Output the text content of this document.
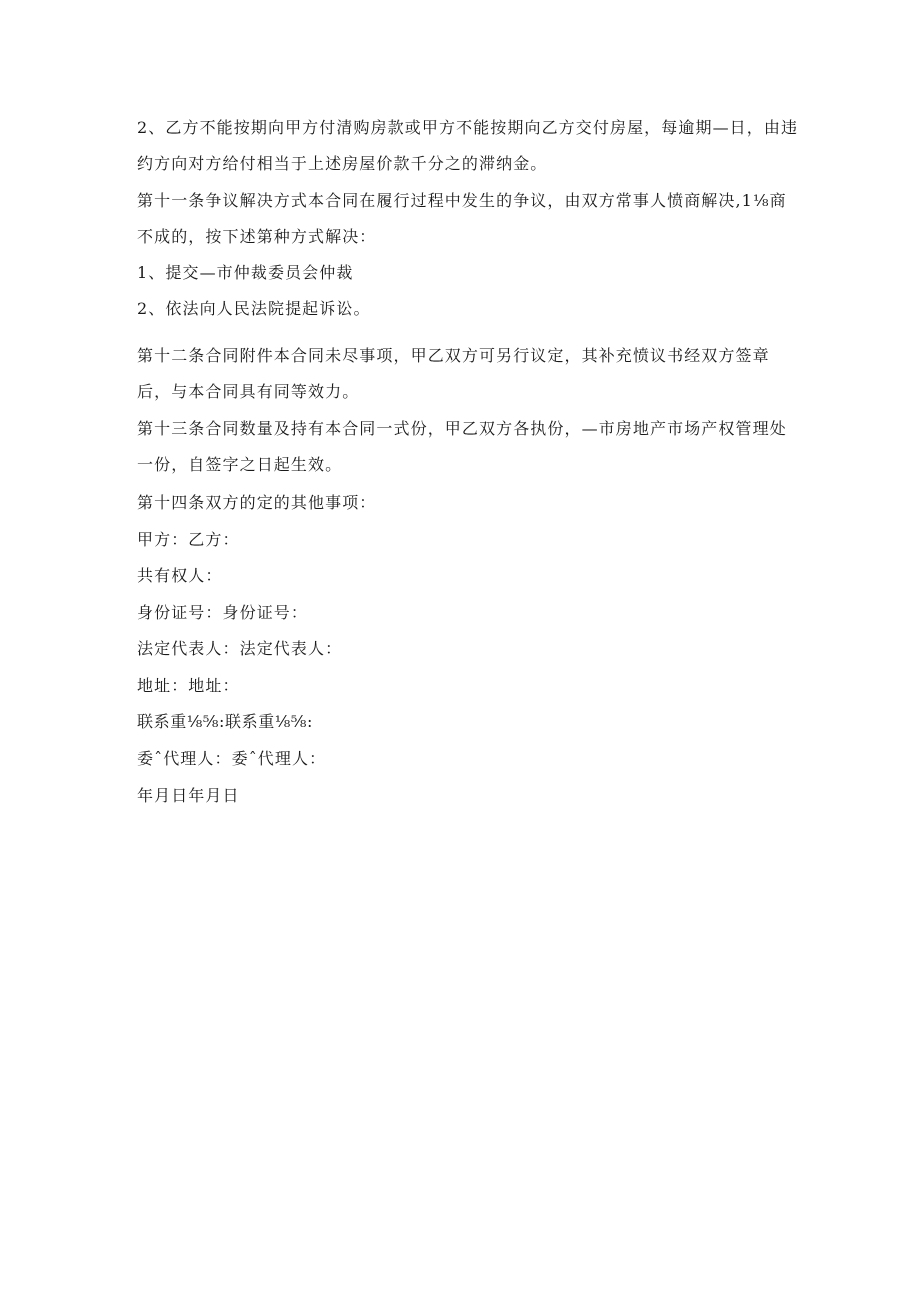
2、乙方不能按期向甲方付清购房款或甲方不能按期向乙方交付房屋，每逾期—日，由违
约方向对方给付相当于上述房屋价款千分之的滞纳金。
第十一条争议解决方式本合同在履行过程中发生的争议，由双方常事人愤商解决,1⅛商
不成的，按下述第种方式解决：
1、提交—市仲裁委员会仲裁
2、依法向人民法院提起诉讼。
第十二条合同附件本合同未尽事项，甲乙双方可另行议定，其补充愤议书经双方签章
后，与本合同具有同等效力。
第十三条合同数量及持有本合同一式份，甲乙双方各执份，—市房地产市场产权管理处
一份，自签字之日起生效。
第十四条双方的定的其他事项：
甲方：乙方：
共有权人：
身份证号：身份证号：
法定代表人：法定代表人：
地址：地址：
联系重⅛⅝:联系重⅛⅝:
委ˆ代理人：委ˆ代理人：
年月日年月日
